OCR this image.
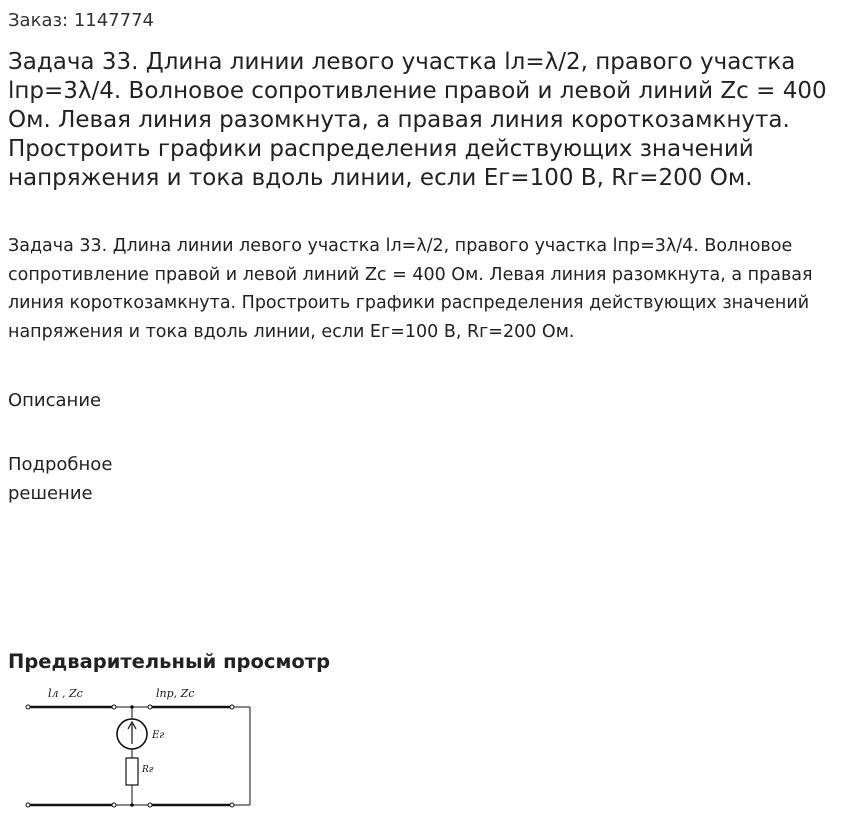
Заказ: 1147774
Задача 33. Длина линии левого участка lл=λ/2, правого участка lпр=3λ/4. Волновое сопротивление правой и левой линий Zc = 400 Ом. Левая линия разомкнута, а правая линия короткозамкнута. Простроить графики распределения действующих значений напряжения и тока вдоль линии, если Eг=100 В, Rг=200 Ом.

Задача 33. Длина линии левого участка lл=λ/2, правого участка lпр=3λ/4. Волновое сопротивление правой и левой линий Zc = 400 Ом. Левая линия разомкнута, а правая линия короткозамкнута. Простроить графики распределения действующих значений напряжения и тока вдоль линии, если Eг=100 В, Rг=200 Ом.

Описание
Подробное решение
Предварительный просмотр
lл , Zc	lпр, Zc
Eг
Rг
